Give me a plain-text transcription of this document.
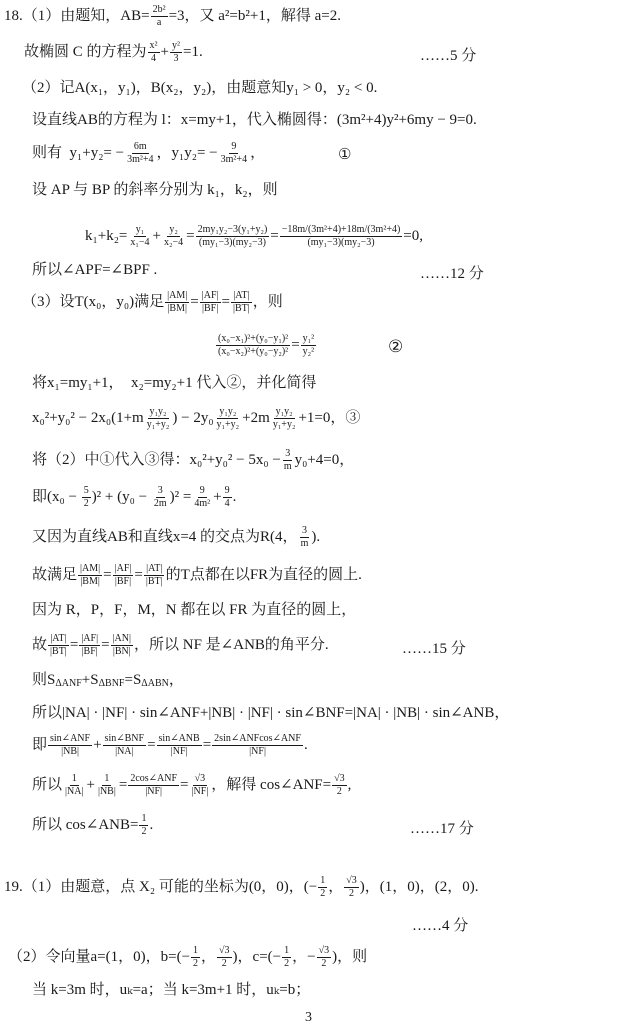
18.（1）由题知，$AB= \frac{\text{2b²}}{a} =3$，又 a²=b²+1，解得 a=2.
故椭圆 C 的方程为 $\frac{\text{x²}}{4} + \frac{\text{y²}}{3} =1$.
（2）记A(x₁，y₁)，B(x₂，y₂)，由题意知y₁ > 0，y₂ < 0.
设直线AB的方程为 l：x=my+1，代入椭圆得：(3m²+4)y²+6my − 9=0.
则有  $y_1+y_2= - \frac{6m}{\text{3m²+4}}$ ，$y_1y_2= - \frac{9}{\text{3m²+4}}$ ，
设 AP 与 BP 的斜率分别为 k₁，k₂，则
$k_1+k_2= \frac{\text{y₁}}{\text{x₁−4}} + \frac{\text{y₂}}{\text{x₂−4}} = \frac{\text{2my₁y₂−3(y₁+y₂)}}{\text{(my₁−3)(my₂−3)}} = \frac{\text{−18m/(3m²+4)+18m/(3m²+4)}}{\text{(my₁−3)(my₂−3)}} =0$,
所以∠APF=∠BPF .
（3）设T(x₀，y₀)满足 $\frac{|AM|}{|BM|} = \frac{|AF|}{|BF|} = \frac{|AT|}{|BT|}$ ，则
$\frac{\text{(x₀−x₁)²+(y₀−y₁)²}}{\text{(x₀−x₂)²+(y₀−y₂)²}} = \frac{\text{y₁²}}{\text{y₂²}}$
将x₁=my₁+1，  x₂=my₂+1 代入②，并化简得
$x_0^2+y_0^2 - 2x_0(1+m \frac{\text{y₁y₂}}{\text{y₁+y₂}}$ ) − $2y_0 \frac{\text{y₁y₂}}{\text{y₁+y₂}} +2m \frac{\text{y₁y₂}}{\text{y₁+y₂}} +1=0$，③
将（2）中①代入③得：$x_0^2+y_0^2 - 5x_0 - \frac{3}{m} y_0+4=0$，
即$(x_0 - \frac{5}{2} )^2 + (y_0 - \frac{3}{2m} )^2 = \frac{9}{\text{4m²}} + \frac{9}{4}$ .
又因为直线AB和直线x=4 的交点为R(4， $\frac{3}{m}$ ).
故满足 $\frac{|AM|}{|BM|} = \frac{|AF|}{|BF|} = \frac{|AT|}{|BT|}$ 的T点都在以FR为直径的圆上.
因为 R，P，F，M，N 都在以 FR 为直径的圆上，
故 $\frac{|AT|}{|BT|} = \frac{|AF|}{|BF|} = \frac{|AN|}{|BN|}$ ，所以 NF 是∠ANB的角平分.
则S ΔANF +S ΔBNF =S ΔABN ，
所以|NA| · |NF| · sin∠ANF+|NB| · |NF| · sin∠BNF=|NA| · |NB| · sin∠ANB，
即 $\frac{\text{sin∠ANF}}{|NB|} + \frac{\text{sin∠BNF}}{|NA|} = \frac{\text{sin∠ANB}}{|NF|} = \frac{\text{2sin∠ANFcos∠ANF}}{|NF|}$ .
所以 $\frac{1}{|NA|} + \frac{1}{|NB|} = \frac{\text{2cos∠ANF}}{|NF|} = \frac{√3}{|NF|}$ ，解得 cos∠ANF= $\frac{√3}{2}$ ,
所以 cos∠ANB= $\frac{1}{2}$ .
19.（1）由题意，点 X₂ 可能的坐标为(0，0)，(− $\frac{1}{2}$ ， $\frac{√3}{2}$ )，(1，0)，(2，0).
（2）令向量a=(1，0)，$b=(- \frac{1}{2}$ ， $\frac{√3}{2}$ )，$c=(- \frac{1}{2}$ ，− $\frac{√3}{2}$ )，则
当 k=3m 时，uₖ=a；当 k=3m+1 时，uₖ=b；
①
②
……5 分
……12 分
……15 分
……17 分
……4 分
3
